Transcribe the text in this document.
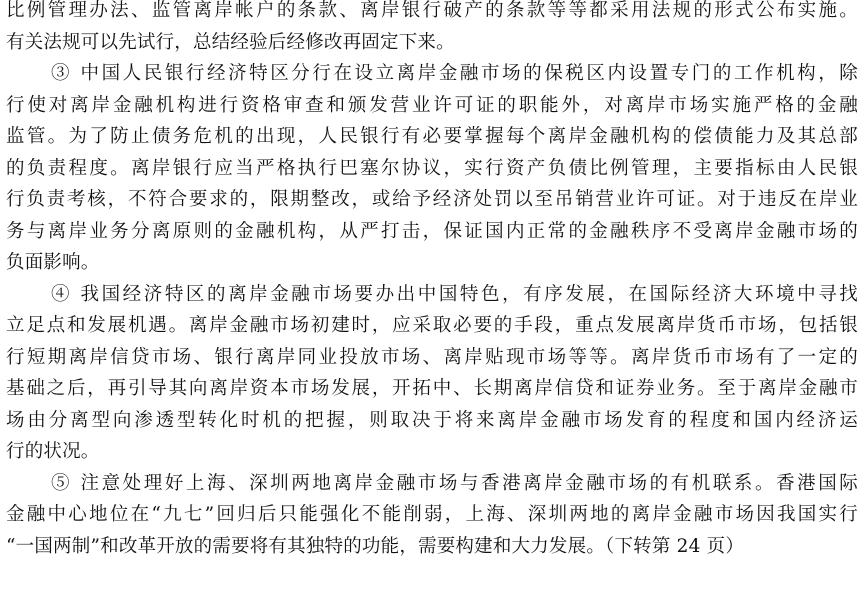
比例管理办法、监管离岸帐户的条款、离岸银行破产的条款等等都采用法规的形式公布实施。
有关法规可以先试行，总结经验后经修改再固定下来。
③ 中国人民银行经济特区分行在设立离岸金融市场的保税区内设置专门的工作机构，除
行使对离岸金融机构进行资格审查和颁发营业许可证的职能外，对离岸市场实施严格的金融
监管。为了防止债务危机的出现，人民银行有必要掌握每个离岸金融机构的偿债能力及其总部
的负责程度。离岸银行应当严格执行巴塞尔协议，实行资产负债比例管理，主要指标由人民银
行负责考核，不符合要求的，限期整改，或给予经济处罚以至吊销营业许可证。对于违反在岸业
务与离岸业务分离原则的金融机构，从严打击，保证国内正常的金融秩序不受离岸金融市场的
负面影响。
④ 我国经济特区的离岸金融市场要办出中国特色，有序发展，在国际经济大环境中寻找
立足点和发展机遇。离岸金融市场初建时，应采取必要的手段，重点发展离岸货币市场，包括银
行短期离岸信贷市场、银行离岸同业投放市场、离岸贴现市场等等。离岸货币市场有了一定的
基础之后，再引导其向离岸资本市场发展，开拓中、长期离岸信贷和证券业务。至于离岸金融市
场由分离型向渗透型转化时机的把握，则取决于将来离岸金融市场发育的程度和国内经济运
行的状况。
⑤ 注意处理好上海、深圳两地离岸金融市场与香港离岸金融市场的有机联系。香港国际
金融中心地位在“九七”回归后只能强化不能削弱，上海、深圳两地的离岸金融市场因我国实行
“一国两制”和改革开放的需要将有其独特的功能，需要构建和大力发展。（下转第 24 页）
